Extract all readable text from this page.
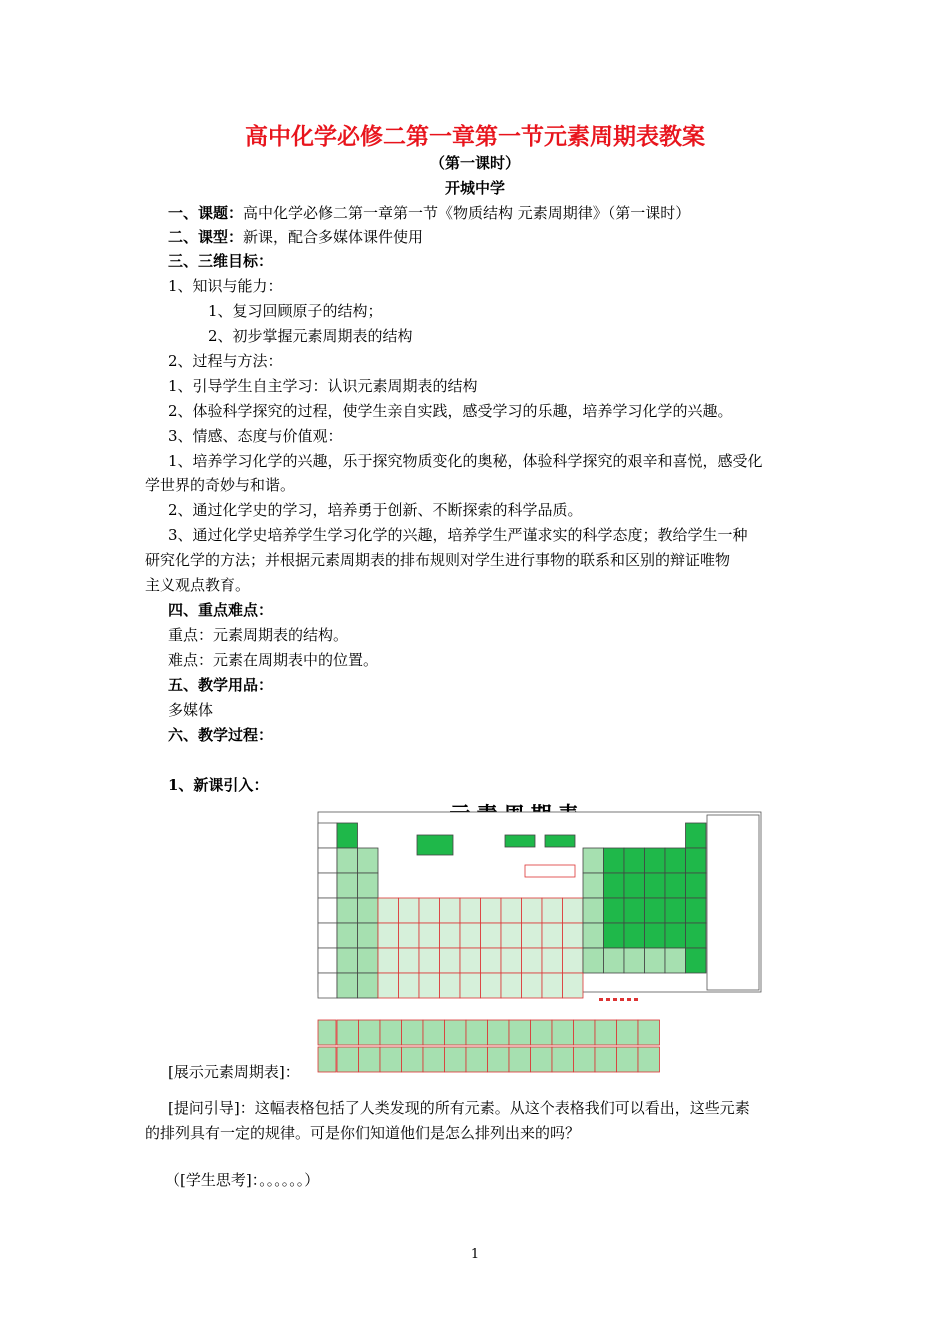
高中化学必修二第一章第一节元素周期表教案
（第一课时）
开城中学
一、课题：高中化学必修二第一章第一节《物质结构 元素周期律》（第一课时）
二、课型：新课，配合多媒体课件使用
三、三维目标：
1、知识与能力：
1、复习回顾原子的结构；
2、初步掌握元素周期表的结构
2、过程与方法：
1、引导学生自主学习：认识元素周期表的结构
2、体验科学探究的过程，使学生亲自实践，感受学习的乐趣，培养学习化学的兴趣。
3、情感、态度与价值观：
1、培养学习化学的兴趣，乐于探究物质变化的奥秘，体验科学探究的艰辛和喜悦，感受化
学世界的奇妙与和谐。
2、通过化学史的学习，培养勇于创新、不断探索的科学品质。
3、通过化学史培养学生学习化学的兴趣，培养学生严谨求实的科学态度；教给学生一种
研究化学的方法；并根据元素周期表的排布规则对学生进行事物的联系和区别的辩证唯物
主义观点教育。
四、重点难点：
重点：元素周期表的结构。
难点：元素在周期表中的位置。
五、教学用品：
多媒体
六、教学过程：
1、新课引入：
[展示元素周期表]：
[提问引导]：这幅表格包括了人类发现的所有元素。从这个表格我们可以看出，这些元素
的排列具有一定的规律。可是你们知道他们是怎么排列出来的吗？
（[学生思考]：。。。。。。）
1
